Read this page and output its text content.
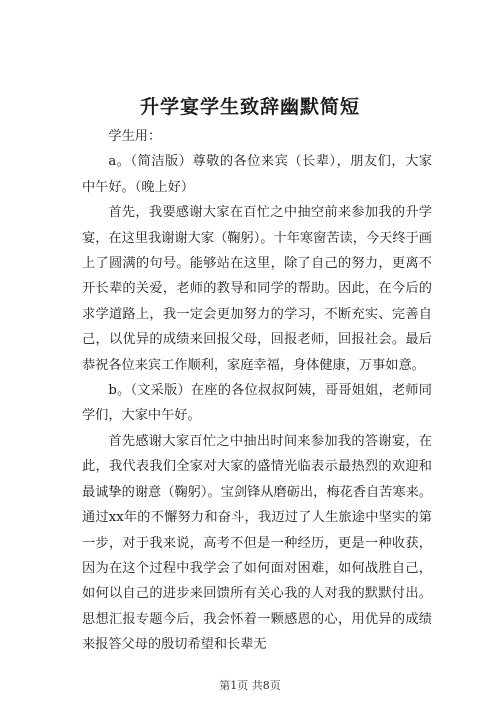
升学宴学生致辞幽默简短

学生用：

a。（简洁版）尊敬的各位来宾（长辈），朋友们，大家中午好。（晚上好）

首先，我要感谢大家在百忙之中抽空前来参加我的升学宴，在这里我谢谢大家（鞠躬）。十年寒窗苦读，今天终于画上了圆满的句号。能够站在这里，除了自己的努力，更离不开长辈的关爱，老师的教导和同学的帮助。因此，在今后的求学道路上，我一定会更加努力的学习，不断充实、完善自己，以优异的成绩来回报父母，回报老师，回报社会。最后恭祝各位来宾工作顺利，家庭幸福，身体健康，万事如意。

b。（文采版）在座的各位叔叔阿姨，哥哥姐姐，老师同学们，大家中午好。

首先感谢大家百忙之中抽出时间来参加我的答谢宴，在此，我代表我们全家对大家的盛情光临表示最热烈的欢迎和最诚挚的谢意（鞠躬）。宝剑锋从磨砺出，梅花香自苦寒来。通过xx年的不懈努力和奋斗，我迈过了人生旅途中坚实的第一步，对于我来说，高考不但是一种经历，更是一种收获，因为在这个过程中我学会了如何面对困难，如何战胜自己，如何以自己的进步来回馈所有关心我的人对我的默默付出。思想汇报专题今后，我会怀着一颗感恩的心，用优异的成绩来报答父母的殷切希望和长辈无

第1页 共8页
